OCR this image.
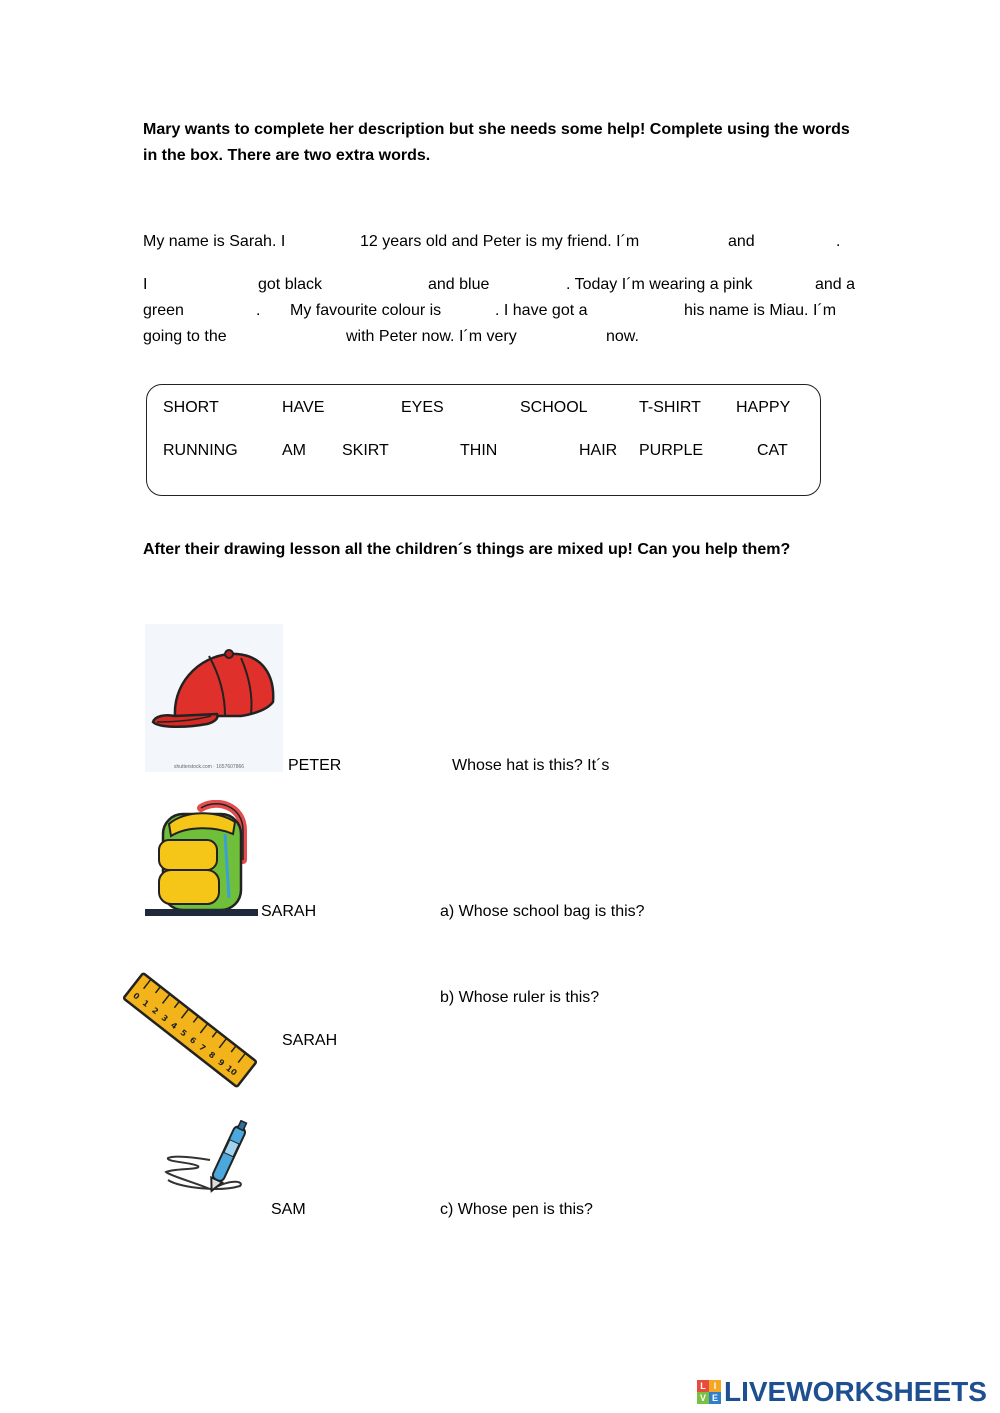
Mary wants to complete her description but she needs some help! Complete using the words in the box. There are two extra words.
My name is Sarah. I	12 years old and Peter is my friend. I´m	and	.
I	got black	and blue	. Today I´m wearing a pink	and a
green	. My favourite colour is	. I have got a	his name is Miau. I´m
going to the	with Peter now. I´m very	now.
SHORT	HAVE	EYES	SCHOOL	T-SHIRT HAPPY
RUNNING	AM SKIRT	THIN	HAIR PURPLE	CAT
After their drawing lesson all the children´s things are mixed up! Can you help them?
shutterstock.com · 1657607866	PETER	Whose hat is this? It´s
SARAH	a) Whose school bag is this?
0
1
2
3
4
5
6
7
8
9
10
b) Whose ruler is this?
SARAH
SAM	c) Whose pen is this?
L I
V E LIVEWORKSHEETS
